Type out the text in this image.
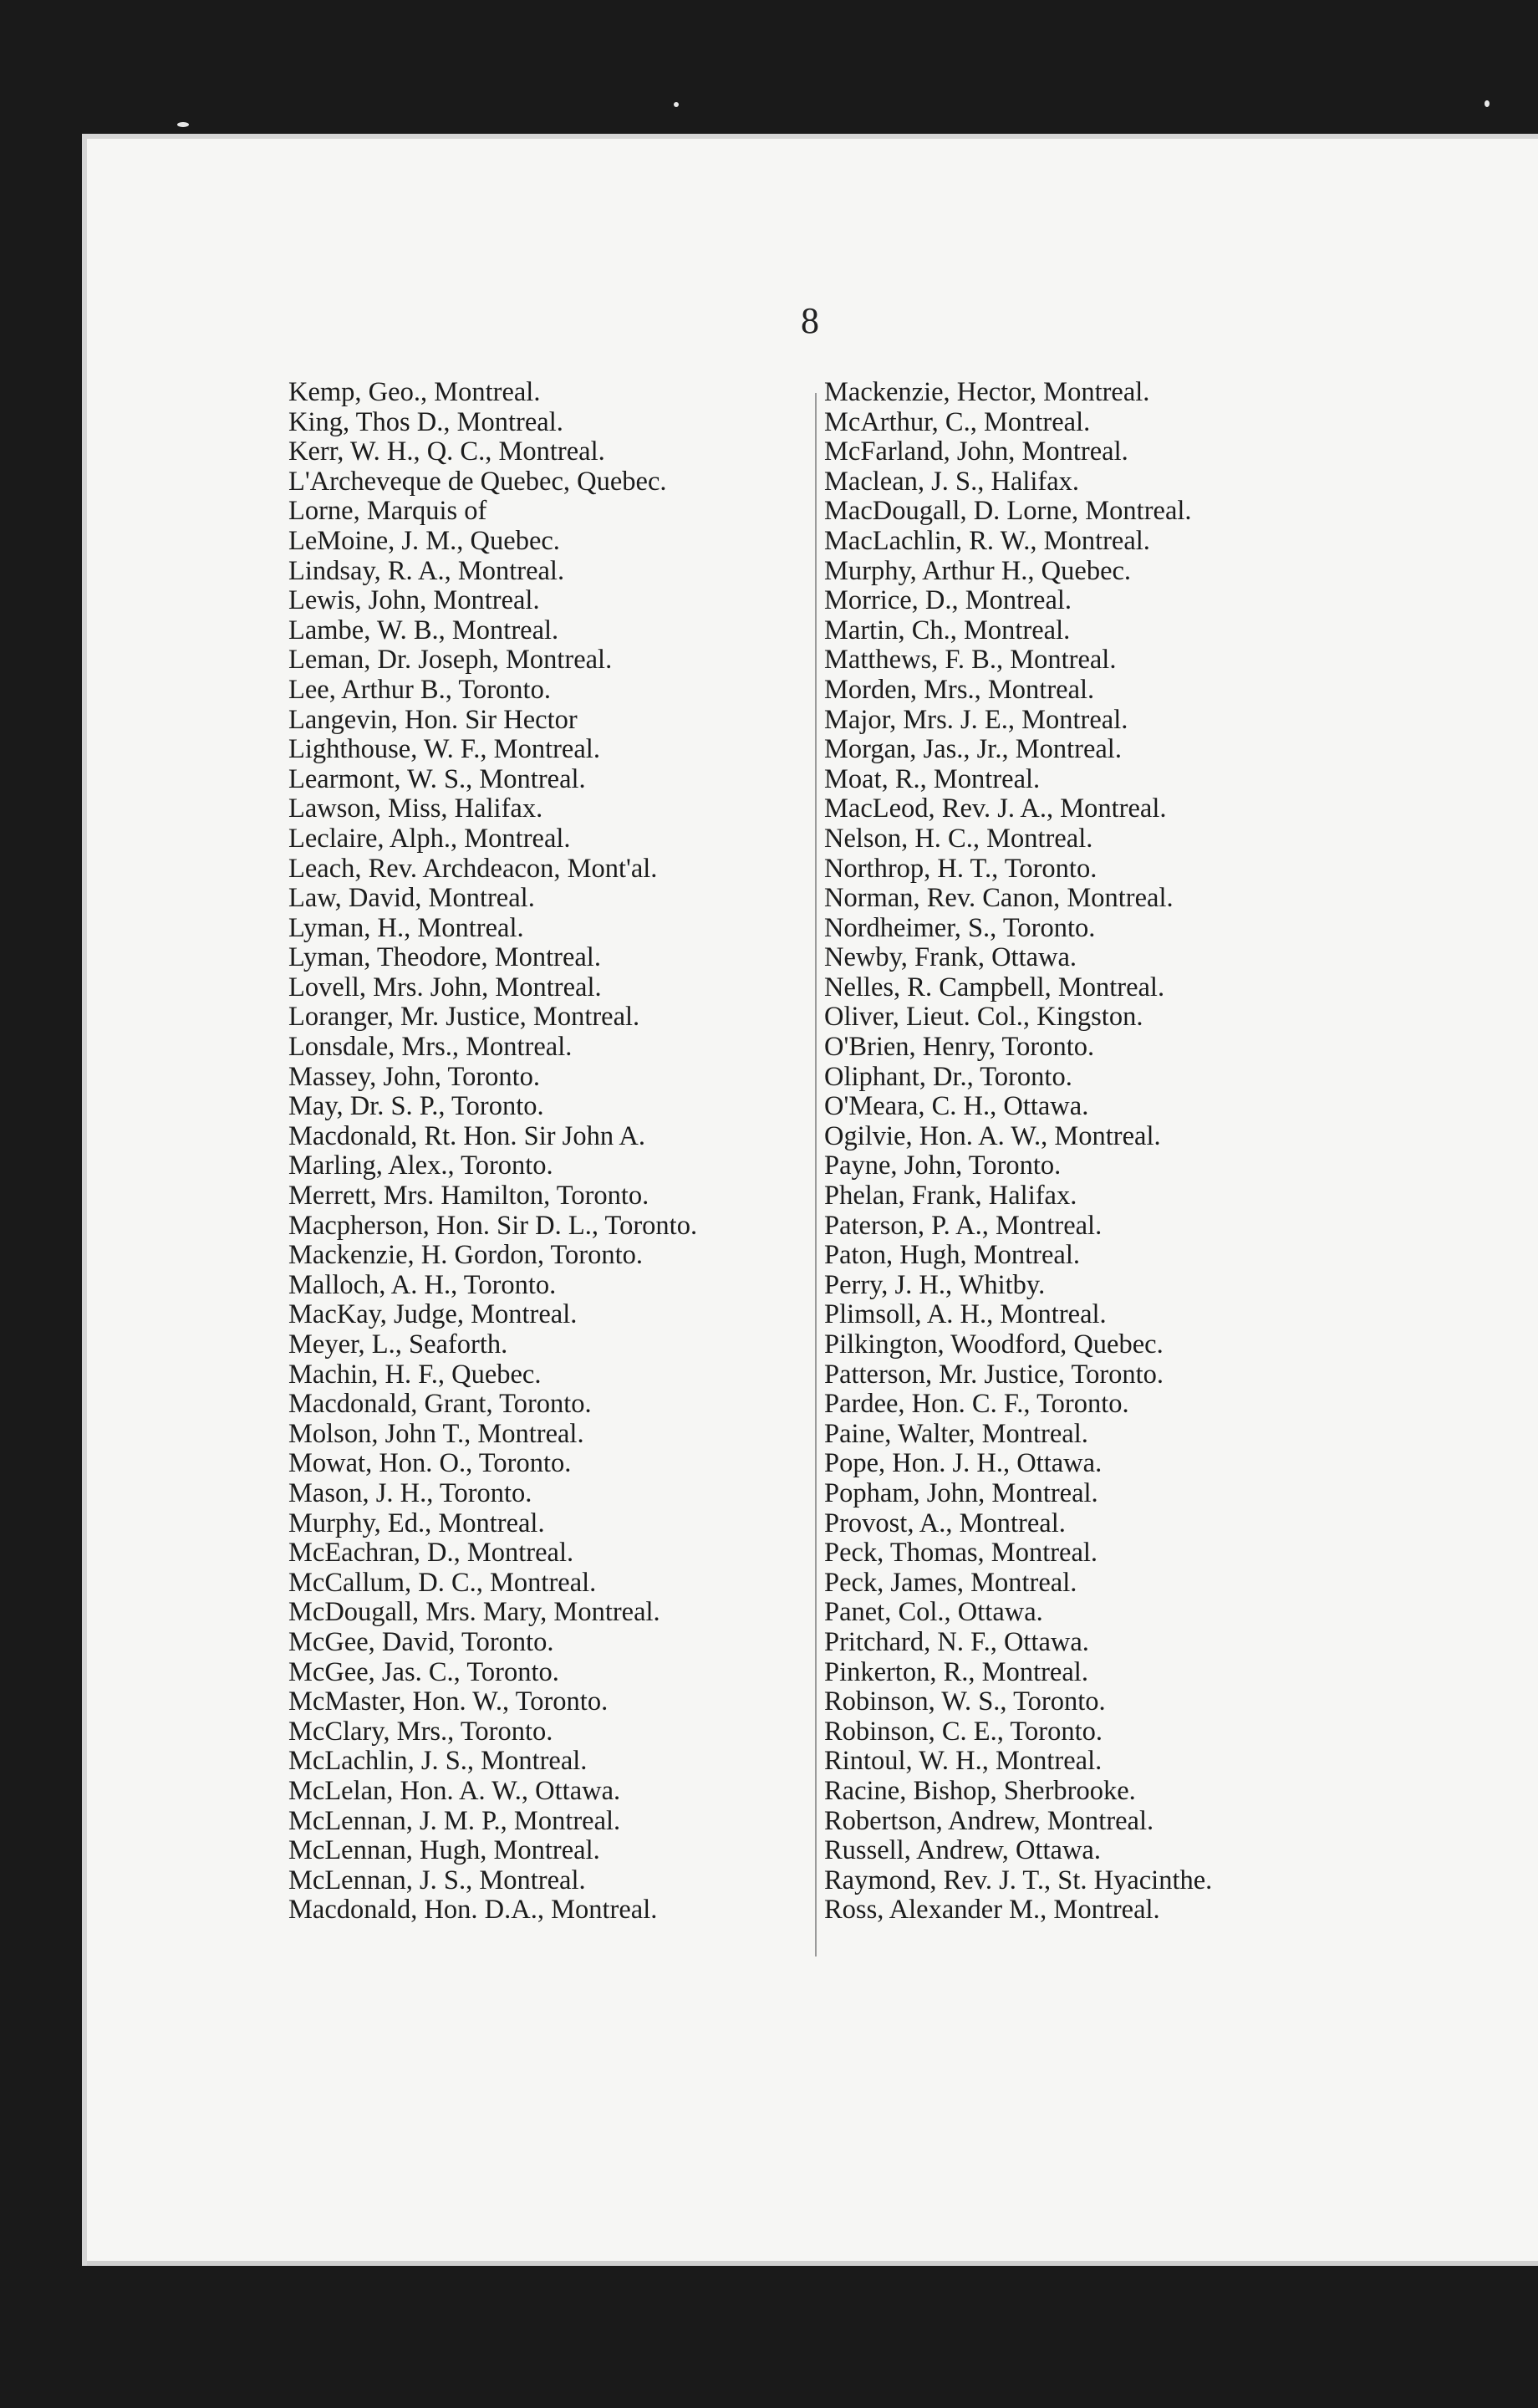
8
Kemp, Geo., Montreal.
King, Thos D., Montreal.
Kerr, W. H., Q. C., Montreal.
L'Archeveque de Quebec, Quebec.
Lorne, Marquis of
LeMoine, J. M., Quebec.
Lindsay, R. A., Montreal.
Lewis, John, Montreal.
Lambe, W. B., Montreal.
Leman, Dr. Joseph, Montreal.
Lee, Arthur B., Toronto.
Langevin, Hon. Sir Hector
Lighthouse, W. F., Montreal.
Learmont, W. S., Montreal.
Lawson, Miss, Halifax.
Leclaire, Alph., Montreal.
Leach, Rev. Archdeacon, Mont'al.
Law, David, Montreal.
Lyman, H., Montreal.
Lyman, Theodore, Montreal.
Lovell, Mrs. John, Montreal.
Loranger, Mr. Justice, Montreal.
Lonsdale, Mrs., Montreal.
Massey, John, Toronto.
May, Dr. S. P., Toronto.
Macdonald, Rt. Hon. Sir John A.
Marling, Alex., Toronto.
Merrett, Mrs. Hamilton, Toronto.
Macpherson, Hon. Sir D. L., Toronto.
Mackenzie, H. Gordon, Toronto.
Malloch, A. H., Toronto.
MacKay, Judge, Montreal.
Meyer, L., Seaforth.
Machin, H. F., Quebec.
Macdonald, Grant, Toronto.
Molson, John T., Montreal.
Mowat, Hon. O., Toronto.
Mason, J. H., Toronto.
Murphy, Ed., Montreal.
McEachran, D., Montreal.
McCallum, D. C., Montreal.
McDougall, Mrs. Mary, Montreal.
McGee, David, Toronto.
McGee, Jas. C., Toronto.
McMaster, Hon. W., Toronto.
McClary, Mrs., Toronto.
McLachlin, J. S., Montreal.
McLelan, Hon. A. W., Ottawa.
McLennan, J. M. P., Montreal.
McLennan, Hugh, Montreal.
McLennan, J. S., Montreal.
Macdonald, Hon. D.A., Montreal.
Mackenzie, Hector, Montreal.
McArthur, C., Montreal.
McFarland, John, Montreal.
Maclean, J. S., Halifax.
MacDougall, D. Lorne, Montreal.
MacLachlin, R. W., Montreal.
Murphy, Arthur H., Quebec.
Morrice, D., Montreal.
Martin, Ch., Montreal.
Matthews, F. B., Montreal.
Morden, Mrs., Montreal.
Major, Mrs. J. E., Montreal.
Morgan, Jas., Jr., Montreal.
Moat, R., Montreal.
MacLeod, Rev. J. A., Montreal.
Nelson, H. C., Montreal.
Northrop, H. T., Toronto.
Norman, Rev. Canon, Montreal.
Nordheimer, S., Toronto.
Newby, Frank, Ottawa.
Nelles, R. Campbell, Montreal.
Oliver, Lieut. Col., Kingston.
O'Brien, Henry, Toronto.
Oliphant, Dr., Toronto.
O'Meara, C. H., Ottawa.
Ogilvie, Hon. A. W., Montreal.
Payne, John, Toronto.
Phelan, Frank, Halifax.
Paterson, P. A., Montreal.
Paton, Hugh, Montreal.
Perry, J. H., Whitby.
Plimsoll, A. H., Montreal.
Pilkington, Woodford, Quebec.
Patterson, Mr. Justice, Toronto.
Pardee, Hon. C. F., Toronto.
Paine, Walter, Montreal.
Pope, Hon. J. H., Ottawa.
Popham, John, Montreal.
Provost, A., Montreal.
Peck, Thomas, Montreal.
Peck, James, Montreal.
Panet, Col., Ottawa.
Pritchard, N. F., Ottawa.
Pinkerton, R., Montreal.
Robinson, W. S., Toronto.
Robinson, C. E., Toronto.
Rintoul, W. H., Montreal.
Racine, Bishop, Sherbrooke.
Robertson, Andrew, Montreal.
Russell, Andrew, Ottawa.
Raymond, Rev. J. T., St. Hyacinthe.
Ross, Alexander M., Montreal.
